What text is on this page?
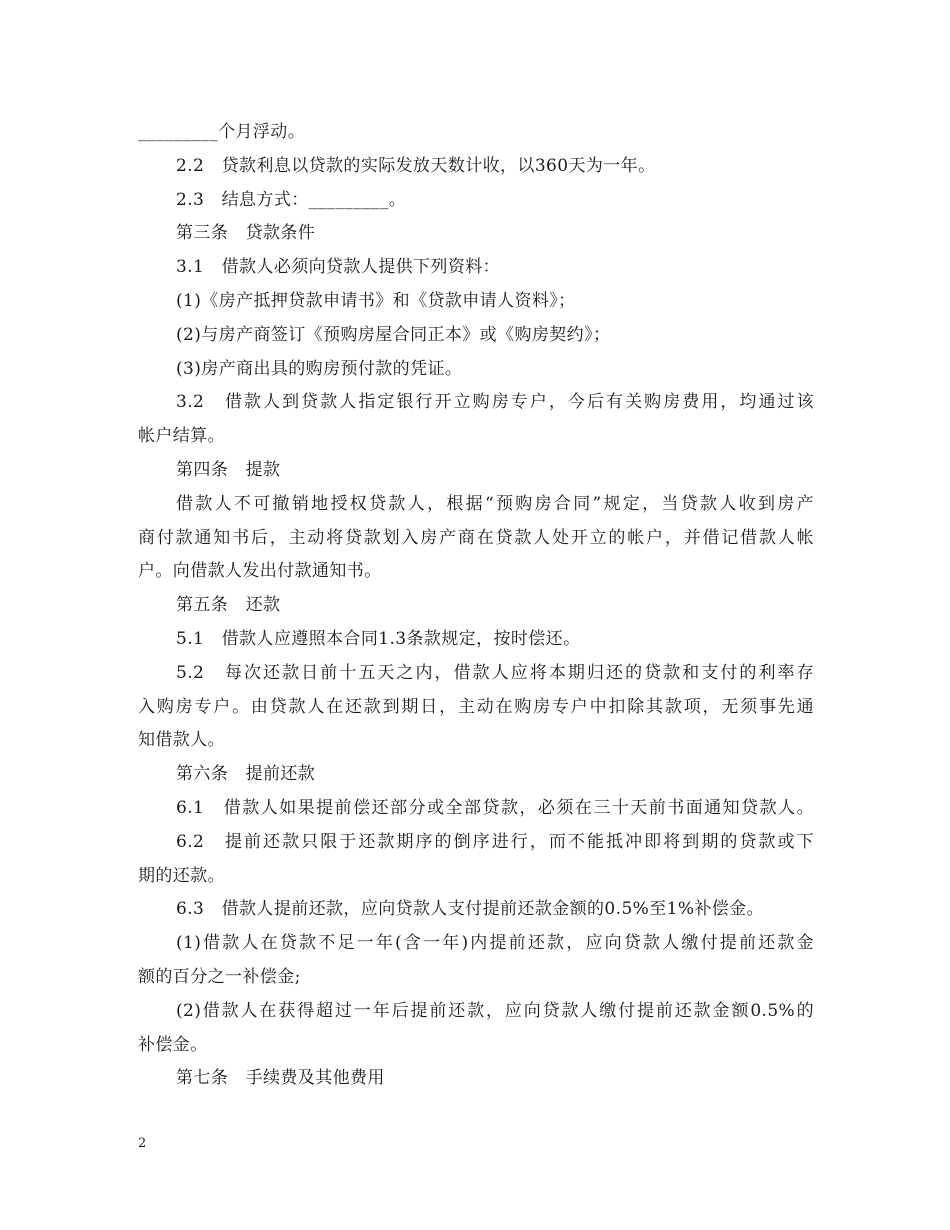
_________个月浮动。
2.2　贷款利息以贷款的实际发放天数计收，以360天为一年。
2.3　结息方式：_________。
第三条　贷款条件
3.1　借款人必须向贷款人提供下列资料：
(1)《房产抵押贷款申请书》和《贷款申请人资料》；
(2)与房产商签订《预购房屋合同正本》或《购房契约》；
(3)房产商出具的购房预付款的凭证。
3.2　借款人到贷款人指定银行开立购房专户，今后有关购房费用，均通过该
帐户结算。
第四条　提款
借款人不可撤销地授权贷款人，根据“预购房合同”规定，当贷款人收到房产
商付款通知书后，主动将贷款划入房产商在贷款人处开立的帐户，并借记借款人帐
户。向借款人发出付款通知书。
第五条　还款
5.1　借款人应遵照本合同1.3条款规定，按时偿还。
5.2　每次还款日前十五天之内，借款人应将本期归还的贷款和支付的利率存
入购房专户。由贷款人在还款到期日，主动在购房专户中扣除其款项，无须事先通
知借款人。
第六条　提前还款
6.1　借款人如果提前偿还部分或全部贷款，必须在三十天前书面通知贷款人。
6.2　提前还款只限于还款期序的倒序进行，而不能抵冲即将到期的贷款或下
期的还款。
6.3　借款人提前还款，应向贷款人支付提前还款金额的0.5%至1%补偿金。
(1)借款人在贷款不足一年(含一年)内提前还款，应向贷款人缴付提前还款金
额的百分之一补偿金;
(2)借款人在获得超过一年后提前还款，应向贷款人缴付提前还款金额0.5%的
补偿金。
第七条　手续费及其他费用
2
